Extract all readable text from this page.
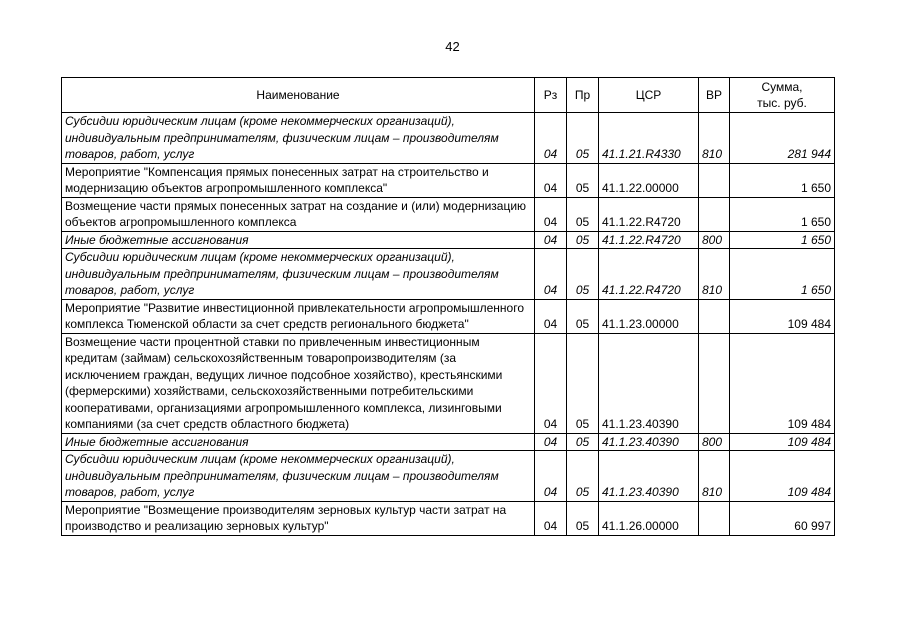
42
Наименование	Рз	Пр	ЦСР	ВР	Сумма,
тыс. руб.
Субсидии юридическим лицам (кроме некоммерческих организаций), индивидуальным предпринимателям, физическим лицам – производителям товаров, работ, услуг	04	05	41.1.21.R4330	810	281 944
Мероприятие "Компенсация прямых понесенных затрат на строительство и модернизацию объектов агропромышленного комплекса"	04	05	41.1.22.00000		1 650
Возмещение части прямых понесенных затрат на создание и (или) модернизацию объектов агропромышленного комплекса	04	05	41.1.22.R4720		1 650
Иные бюджетные ассигнования	04	05	41.1.22.R4720	800	1 650
Субсидии юридическим лицам (кроме некоммерческих организаций), индивидуальным предпринимателям, физическим лицам – производителям товаров, работ, услуг	04	05	41.1.22.R4720	810	1 650
Мероприятие "Развитие инвестиционной привлекательности агропромышленного комплекса Тюменской области за счет средств регионального бюджета"	04	05	41.1.23.00000		109 484
Возмещение части процентной ставки по привлеченным инвестиционным кредитам (займам) сельскохозяйственным товаропроизводителям (за исключением граждан, ведущих личное подсобное хозяйство), крестьянскими (фермерскими) хозяйствами, сельскохозяйственными потребительскими кооперативами, организациями агропромышленного комплекса, лизинговыми компаниями (за счет средств областного бюджета)	04	05	41.1.23.40390		109 484
Иные бюджетные ассигнования	04	05	41.1.23.40390	800	109 484
Субсидии юридическим лицам (кроме некоммерческих организаций), индивидуальным предпринимателям, физическим лицам – производителям товаров, работ, услуг	04	05	41.1.23.40390	810	109 484
Мероприятие "Возмещение производителям зерновых культур части затрат на производство и реализацию зерновых культур"	04	05	41.1.26.00000		60 997
